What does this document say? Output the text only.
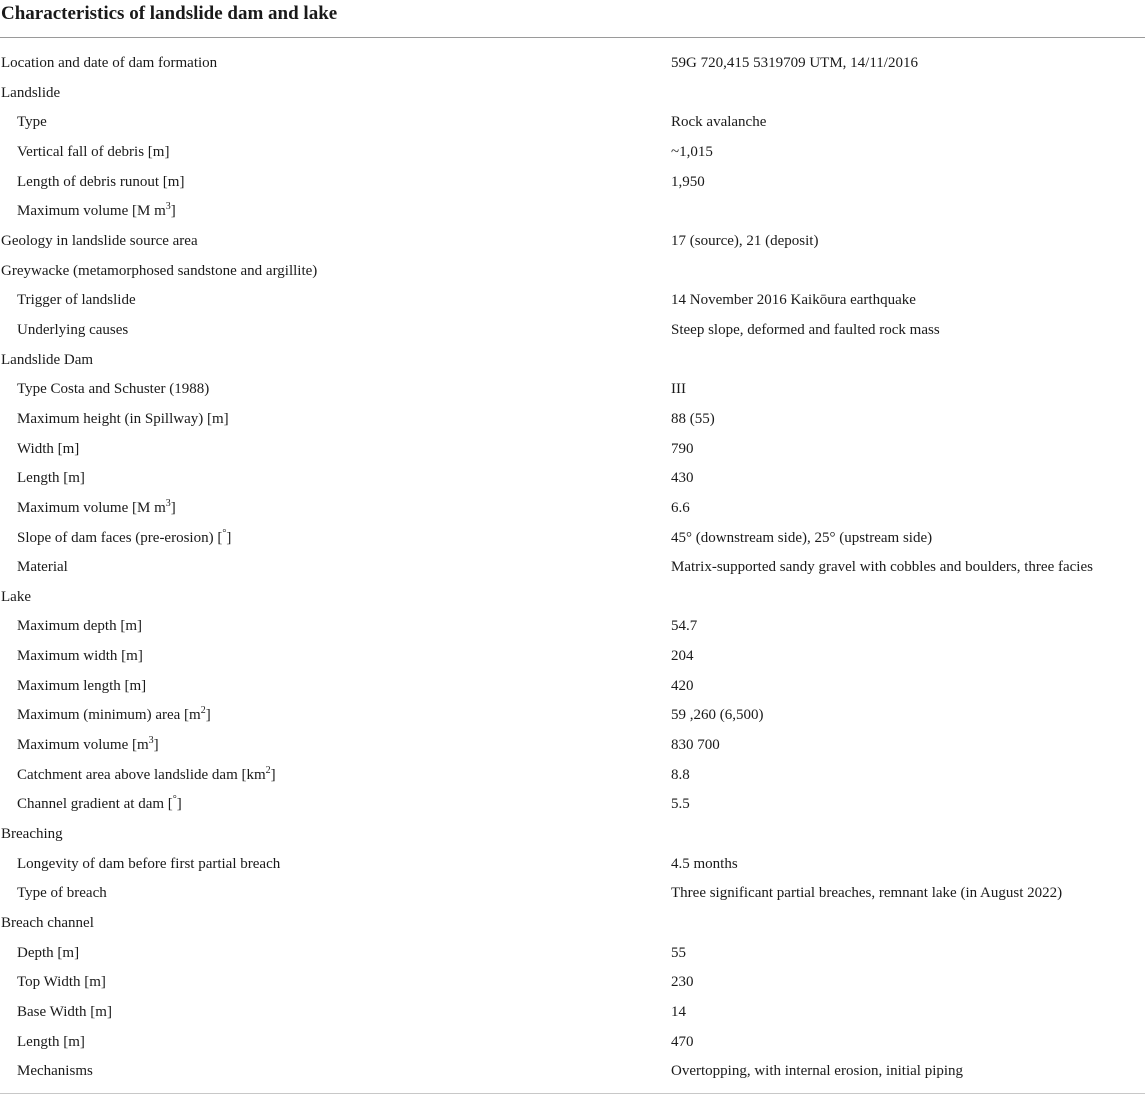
Characteristics of landslide dam and lake
Location and date of dam formation	59G 720,415 5319709 UTM, 14/11/2016
Landslide
Type	Rock avalanche
Vertical fall of debris [m]	~1,015
Length of debris runout [m]	1,950
Maximum volume [M $m^3$]
Geology in landslide source area	17 (source), 21 (deposit)
Greywacke (metamorphosed sandstone and argillite)
Trigger of landslide	14 November 2016 Kaikōura earthquake
Underlying causes	Steep slope, deformed and faulted rock mass
Landslide Dam
Type Costa and Schuster (1988)	III
Maximum height (in Spillway) [m]	88 (55)
Width [m]	790
Length [m]	430
Maximum volume [M $m^3$]	6.6
Slope of dam faces (pre-erosion) [°]	45° (downstream side), 25° (upstream side)
Material	Matrix-supported sandy gravel with cobbles and boulders, three facies
Lake
Maximum depth [m]	54.7
Maximum width [m]	204
Maximum length [m]	420
Maximum (minimum) area $[m^2]$	59 ,260 (6,500)
Maximum volume $[m^3]$	830 700
Catchment area above landslide dam $[km^2]$	8.8
Channel gradient at dam [°]	5.5
Breaching
Longevity of dam before first partial breach	4.5 months
Type of breach	Three significant partial breaches, remnant lake (in August 2022)
Breach channel
Depth [m]	55
Top Width [m]	230
Base Width [m]	14
Length [m]	470
Mechanisms	Overtopping, with internal erosion, initial piping
